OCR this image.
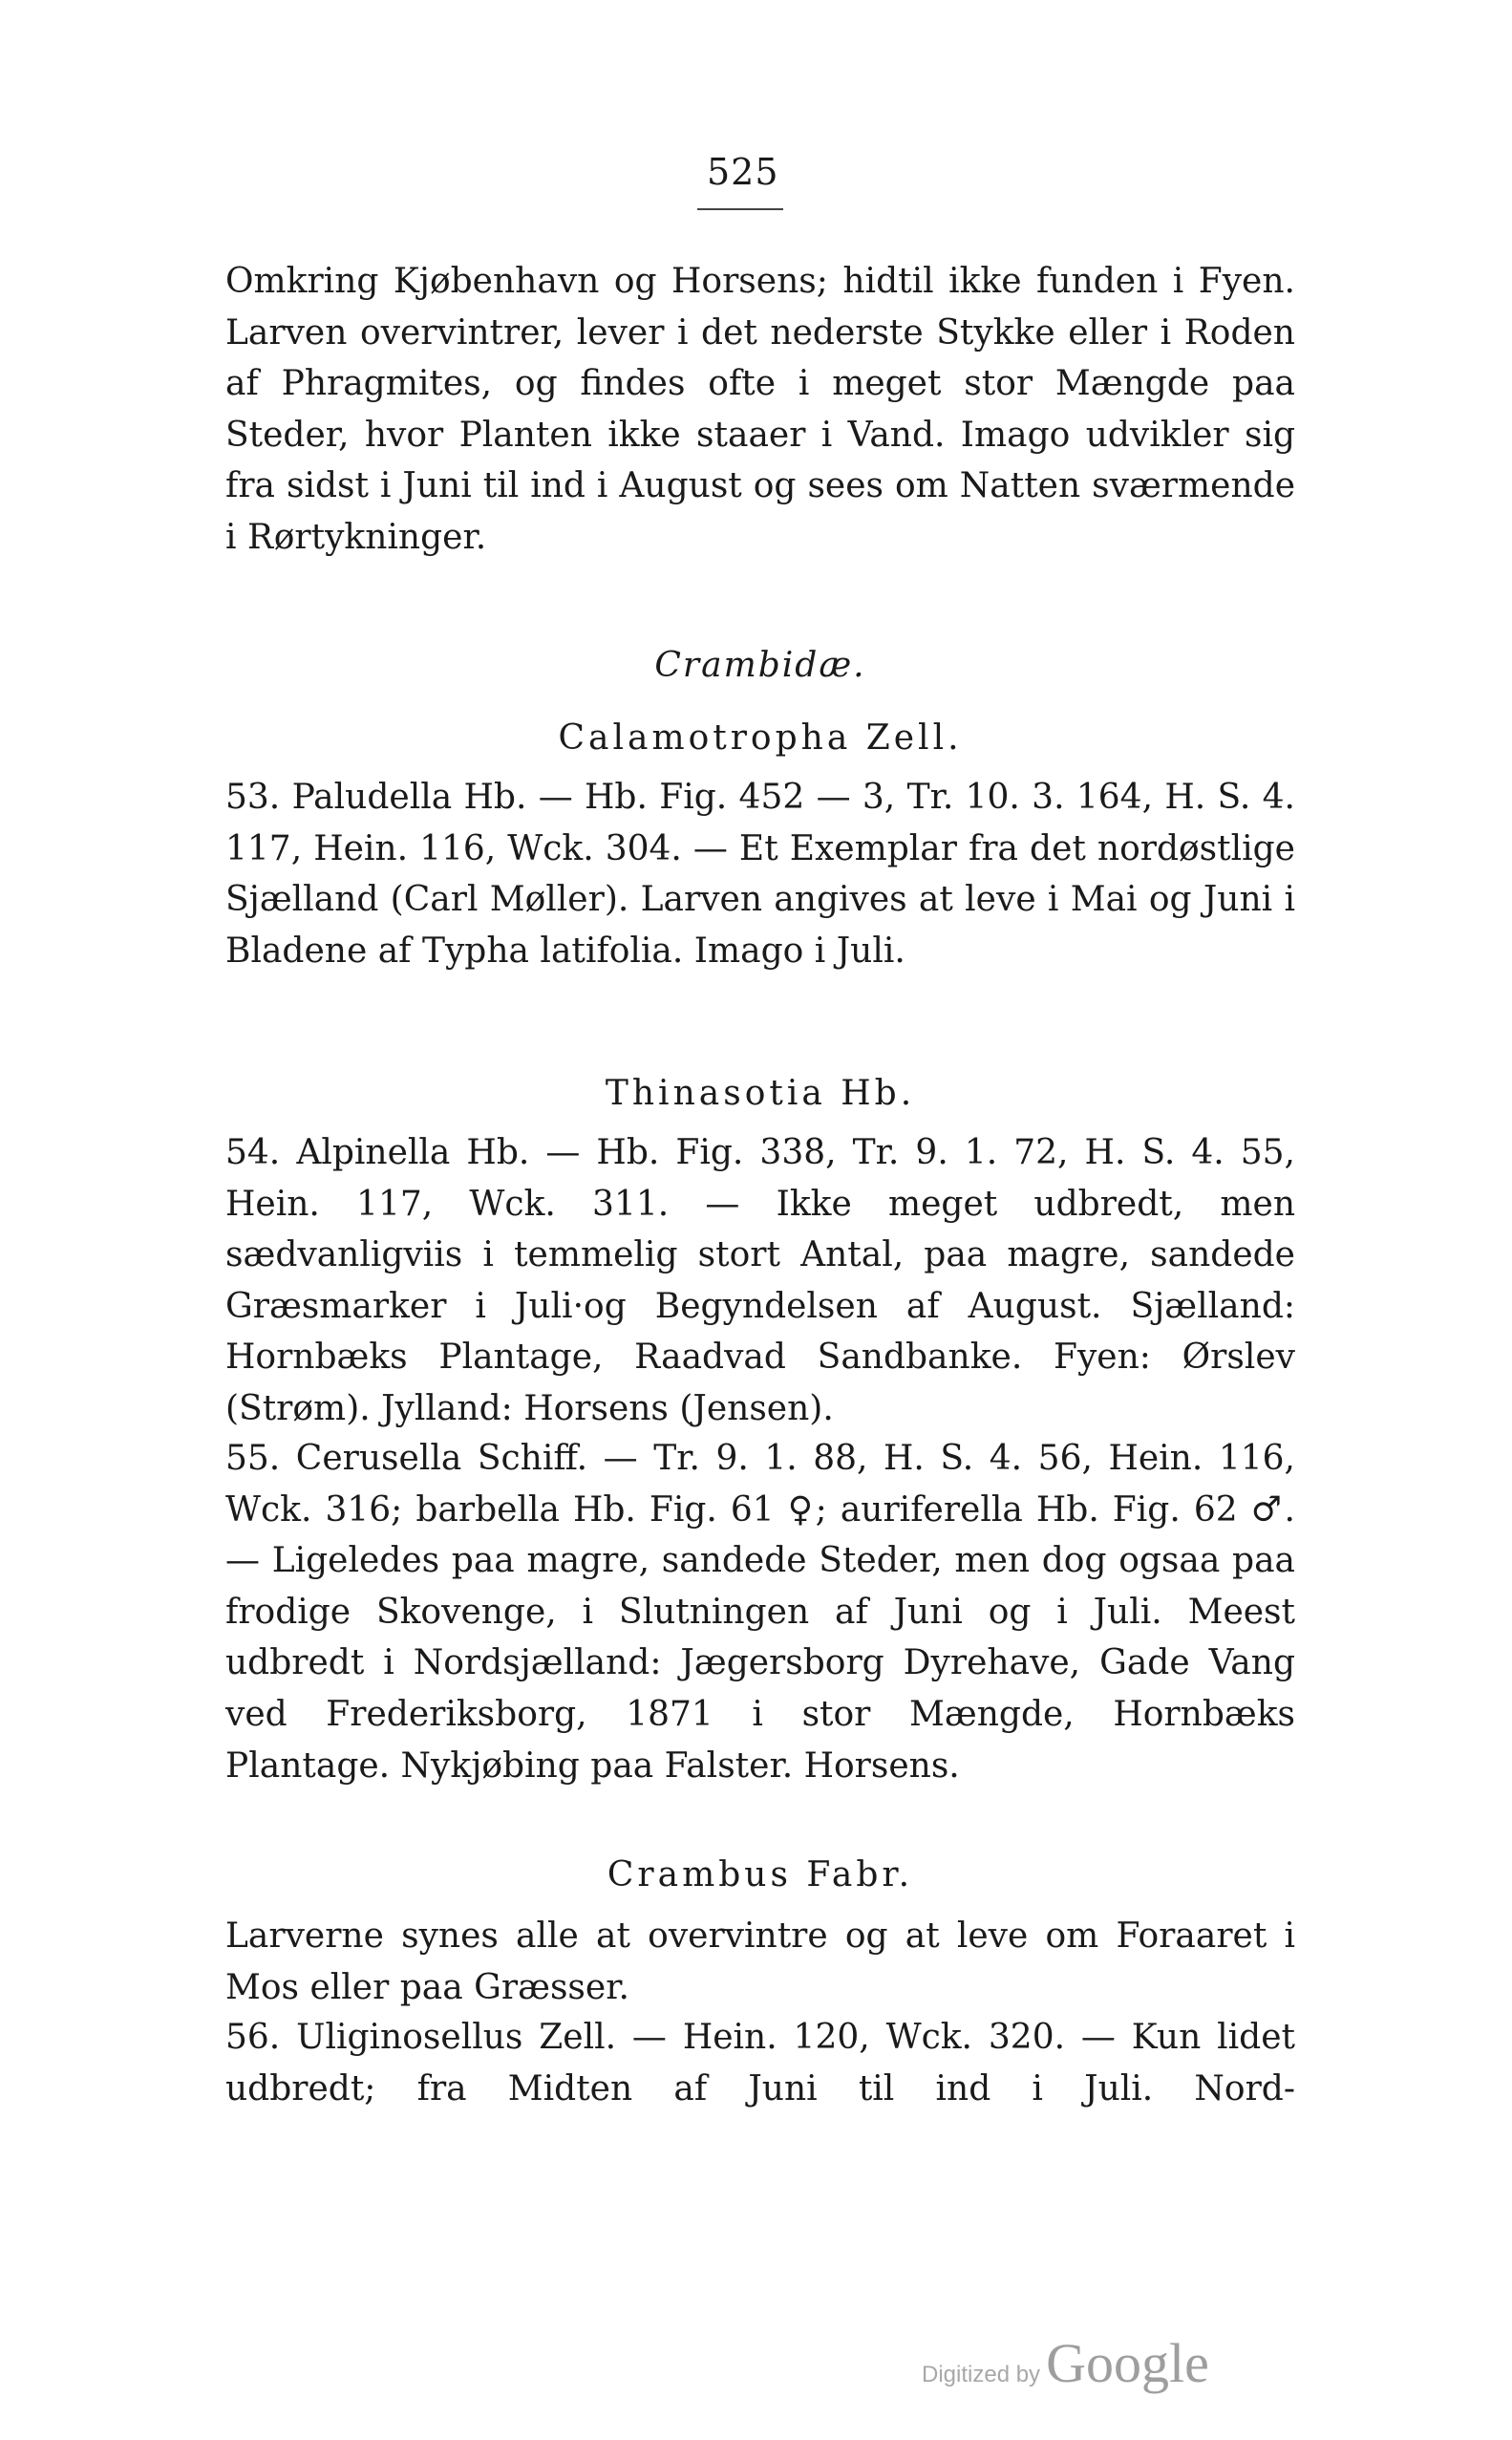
525

Omkring Kjøbenhavn og Horsens; hidtil ikke funden i Fyen. Larven overvintrer, lever i det nederste Stykke eller i Roden af Phragmites, og findes ofte i meget stor Mængde paa Steder, hvor Planten ikke staaer i Vand. Imago udvikler sig fra sidst i Juni til ind i August og sees om Natten sværmende i Rørtykninger.

Crambidæ.
Calamotropha Zell.

53. Paludella Hb. — Hb. Fig. 452 — 3, Tr. 10. 3. 164, H. S. 4. 117, Hein. 116, Wck. 304. — Et Exemplar fra det nordøstlige Sjælland (Carl Møller). Larven angives at leve i Mai og Juni i Bladene af Typha latifolia. Imago i Juli.

Thinasotia Hb.

54. Alpinella Hb. — Hb. Fig. 338, Tr. 9. 1. 72, H. S. 4. 55, Hein. 117, Wck. 311. — Ikke meget udbredt, men sædvanligviis i temmelig stort Antal, paa magre, sandede Græsmarker i Juli·og Begyndelsen af August. Sjælland: Hornbæks Plantage, Raadvad Sandbanke. Fyen: Ørslev (Strøm). Jylland: Horsens (Jensen).

55. Cerusella Schiff. — Tr. 9. 1. 88, H. S. 4. 56, Hein. 116, Wck. 316; barbella Hb. Fig. 61 ♀; auriferella Hb. Fig. 62 ♂. — Ligeledes paa magre, sandede Steder, men dog ogsaa paa frodige Skovenge, i Slutningen af Juni og i Juli. Meest udbredt i Nordsjælland: Jægersborg Dyrehave, Gade Vang ved Frederiksborg, 1871 i stor Mængde, Hornbæks Plantage. Nykjøbing paa Falster. Horsens.

Crambus Fabr.

Larverne synes alle at overvintre og at leve om Foraaret i Mos eller paa Græsser.

56. Uliginosellus Zell. — Hein. 120, Wck. 320. — Kun lidet udbredt; fra Midten af Juni til ind i Juli. Nord-

Digitized by Google
